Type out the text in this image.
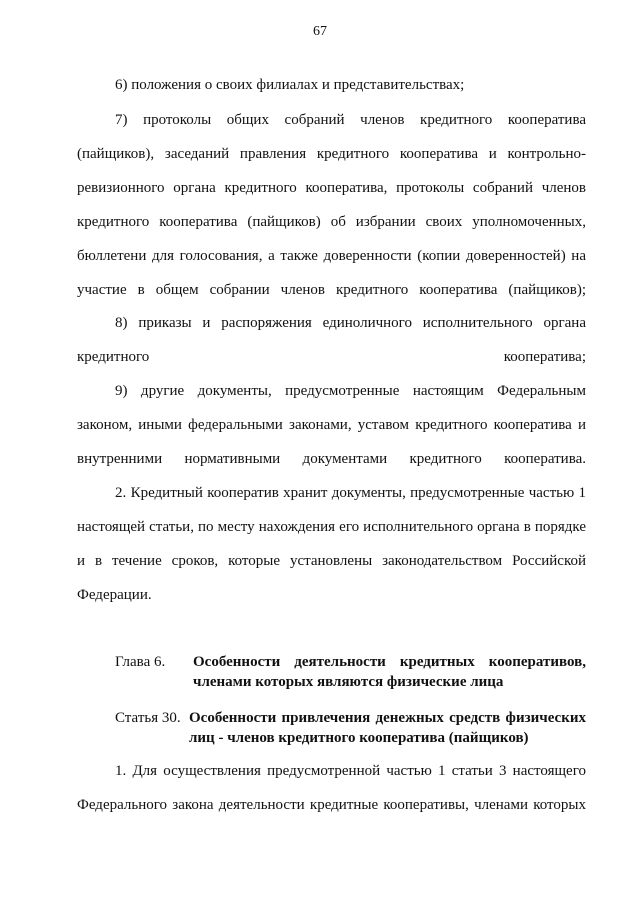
67

6) положения о своих филиалах и представительствах;

7) протоколы общих собраний членов кредитного кооператива (пайщиков), заседаний правления кредитного кооператива и контрольно-ревизионного органа кредитного кооператива, протоколы собраний членов кредитного кооператива (пайщиков) об избрании своих уполномоченных, бюллетени для голосования, а также доверенности (копии доверенностей) на участие в общем собрании членов кредитного кооператива (пайщиков);

8) приказы и распоряжения единоличного исполнительного органа кредитного кооператива;

9) другие документы, предусмотренные настоящим Федеральным законом, иными федеральными законами, уставом кредитного кооператива и внутренними нормативными документами кредитного кооператива.

2. Кредитный кооператив хранит документы, предусмотренные частью 1 настоящей статьи, по месту нахождения его исполнительного органа в порядке и в течение сроков, которые установлены законодательством Российской Федерации.

Глава 6. Особенности деятельности кредитных кооперативов,
членами которых являются физические лица
Статья 30. Особенности привлечения денежных средств физических
лиц - членов кредитного кооператива (пайщиков)

1. Для осуществления предусмотренной частью 1 статьи 3 настоящего Федерального закона деятельности кредитные кооперативы, членами которых
